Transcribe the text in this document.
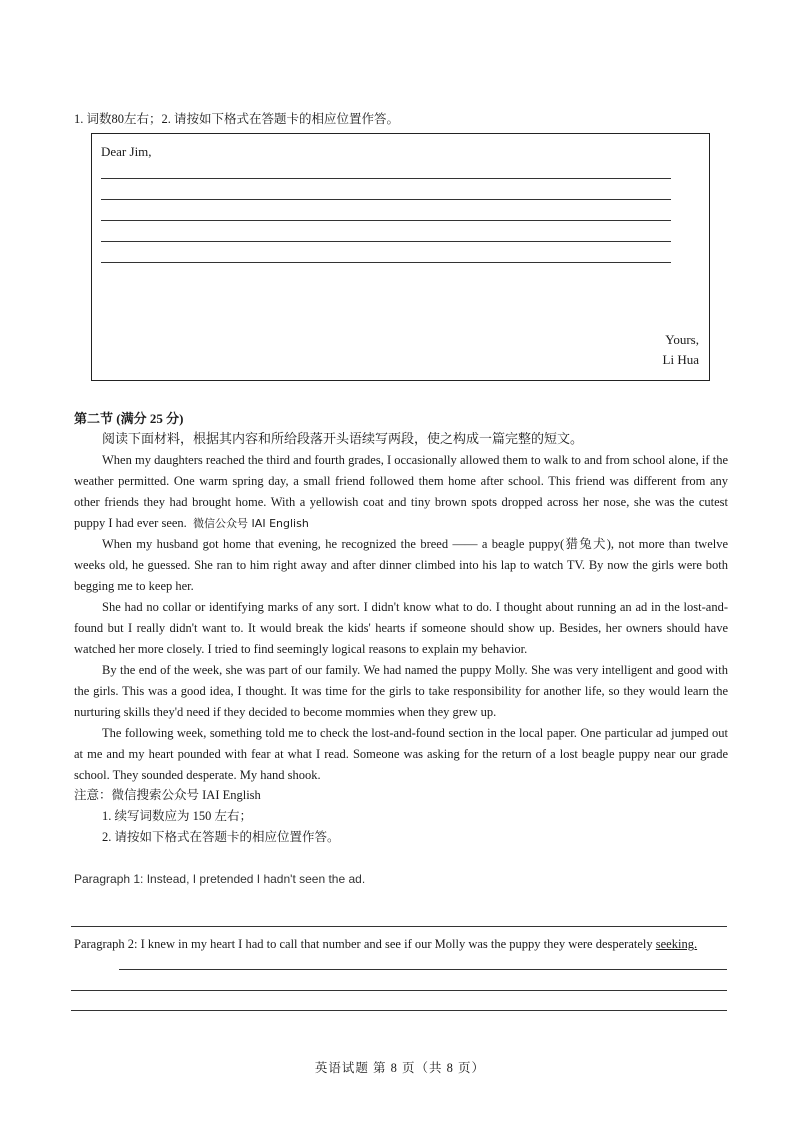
1. 词数80左右；2. 请按如下格式在答题卡的相应位置作答。
Dear Jim,
Yours,
Li Hua
第二节 (满分 25 分)
阅读下面材料，根据其内容和所给段落开头语续写两段，使之构成一篇完整的短文。

When my daughters reached the third and fourth grades, I occasionally allowed them to walk to and from school alone, if the weather permitted. One warm spring day, a small friend followed them home after school. This friend was different from any other friends they had brought home. With a yellowish coat and tiny brown spots dropped across her nose, she was the cutest puppy I had ever seen. 微信公众号 IAI English

When my husband got home that evening, he recognized the breed —— a beagle puppy(猎兔犬), not more than twelve weeks old, he guessed. She ran to him right away and after dinner climbed into his lap to watch TV. By now the girls were both begging me to keep her.

She had no collar or identifying marks of any sort. I didn't know what to do. I thought about running an ad in the lost-and-found but I really didn't want to. It would break the kids' hearts if someone should show up. Besides, her owners should have watched her more closely. I tried to find seemingly logical reasons to explain my behavior.

By the end of the week, she was part of our family. We had named the puppy Molly. She was very intelligent and good with the girls. This was a good idea, I thought. It was time for the girls to take responsibility for another life, so they would learn the nurturing skills they'd need if they decided to become mommies when they grew up.

The following week, something told me to check the lost-and-found section in the local paper. One particular ad jumped out at me and my heart pounded with fear at what I read. Someone was asking for the return of a lost beagle puppy near our grade school. They sounded desperate. My hand shook.

注意：微信搜索公众号 IAI English
1. 续写词数应为 150 左右；
2. 请按如下格式在答题卡的相应位置作答。
Paragraph 1: Instead, I pretended I hadn't seen the ad.
Paragraph 2: I knew in my heart I had to call that number and see if our Molly was the puppy they were desperately seeking.
英语试题 第 8 页（共 8 页）
